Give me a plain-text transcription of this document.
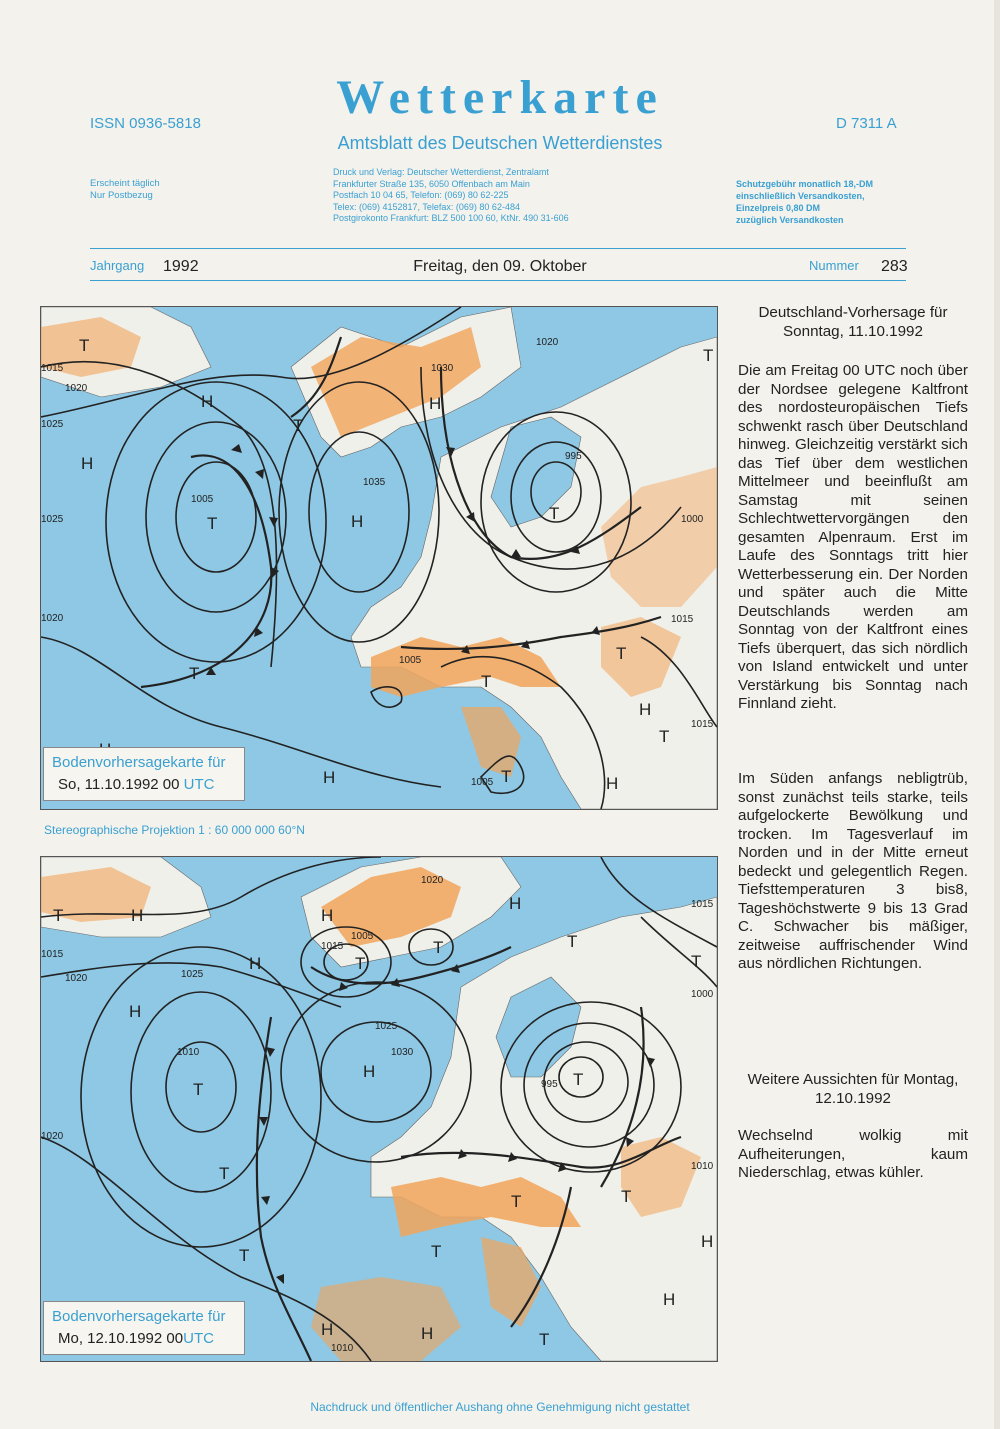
ISSN 0936-5818	Wetterkarte	D 7311 A
Amtsblatt des Deutschen Wetterdienstes
Erscheint täglich
Nur Postbezug
Druck und Verlag: Deutscher Wetterdienst, Zentralamt
Frankfurter Straße 135, 6050 Offenbach am Main
Postfach 10 04 65, Telefon: (069) 80 62-225
Telex: (069) 4152817, Telefax: (069) 80 62-484
Postgirokonto Frankfurt: BLZ 500 100 60, KtNr. 490 31-606
Schutzgebühr monatlich 18,-DM
einschließlich Versandkosten,
Einzelpreis 0,80 DM
zuzüglich Versandkosten
Jahrgang 1992	Freitag, den 09. Oktober	Nummer 283
H
H
T	H
H
T
T
H
T
H
T
H
T
T
T
T
T
1015
1020
1025
1025
1020
1005
1035
1030
1020
995
1005
1005
1015
1000
1015
Bodenvorhersagekarte für
So, 11.10.1992 00 UTC
Stereographische Projektion 1 : 60 000 000 60°N
T	H
H
H
T
H
H
T
T
H
T
T
T
T
H
T
T
T
H
H
H
T
T
1015
1020
1020
1010
1025
1025
1030
1020
1005
1015
995
1015
1000
1010
1010
Bodenvorhersagekarte für
Mo, 12.10.1992 00UTC
Deutschland-Vorhersage für Sonntag, 11.10.1992
Die am Freitag 00 UTC noch über der Nordsee gelegene Kaltfront des nordosteuropäischen Tiefs schwenkt rasch über Deutschland hinweg. Gleichzeitig verstärkt sich das Tief über dem westlichen Mittelmeer und beeinflußt am Samstag mit seinen Schlechtwettervorgängen den gesamten Alpenraum. Erst im Laufe des Sonntags tritt hier Wetterbesserung ein. Der Norden und später auch die Mitte Deutschlands werden am Sonntag von der Kaltfront eines Tiefs überquert, das sich nördlich von Island entwickelt und unter Verstärkung bis Sonntag nach Finnland zieht.
Im Süden anfangs nebligtrüb, sonst zunächst teils starke, teils aufgelockerte Bewölkung und trocken. Im Tagesverlauf im Norden und in der Mitte erneut bedeckt und gelegentlich Regen. Tiefsttemperaturen 3 bis8, Tageshöchstwerte 9 bis 13 Grad C. Schwacher bis mäßiger, zeitweise auffrischender Wind aus nördlichen Richtungen.
Weitere Aussichten für Montag, 12.10.1992
Wechselnd wolkig mit Aufheiterungen, kaum Niederschlag, etwas kühler.
Nachdruck und öffentlicher Aushang ohne Genehmigung nicht gestattet
